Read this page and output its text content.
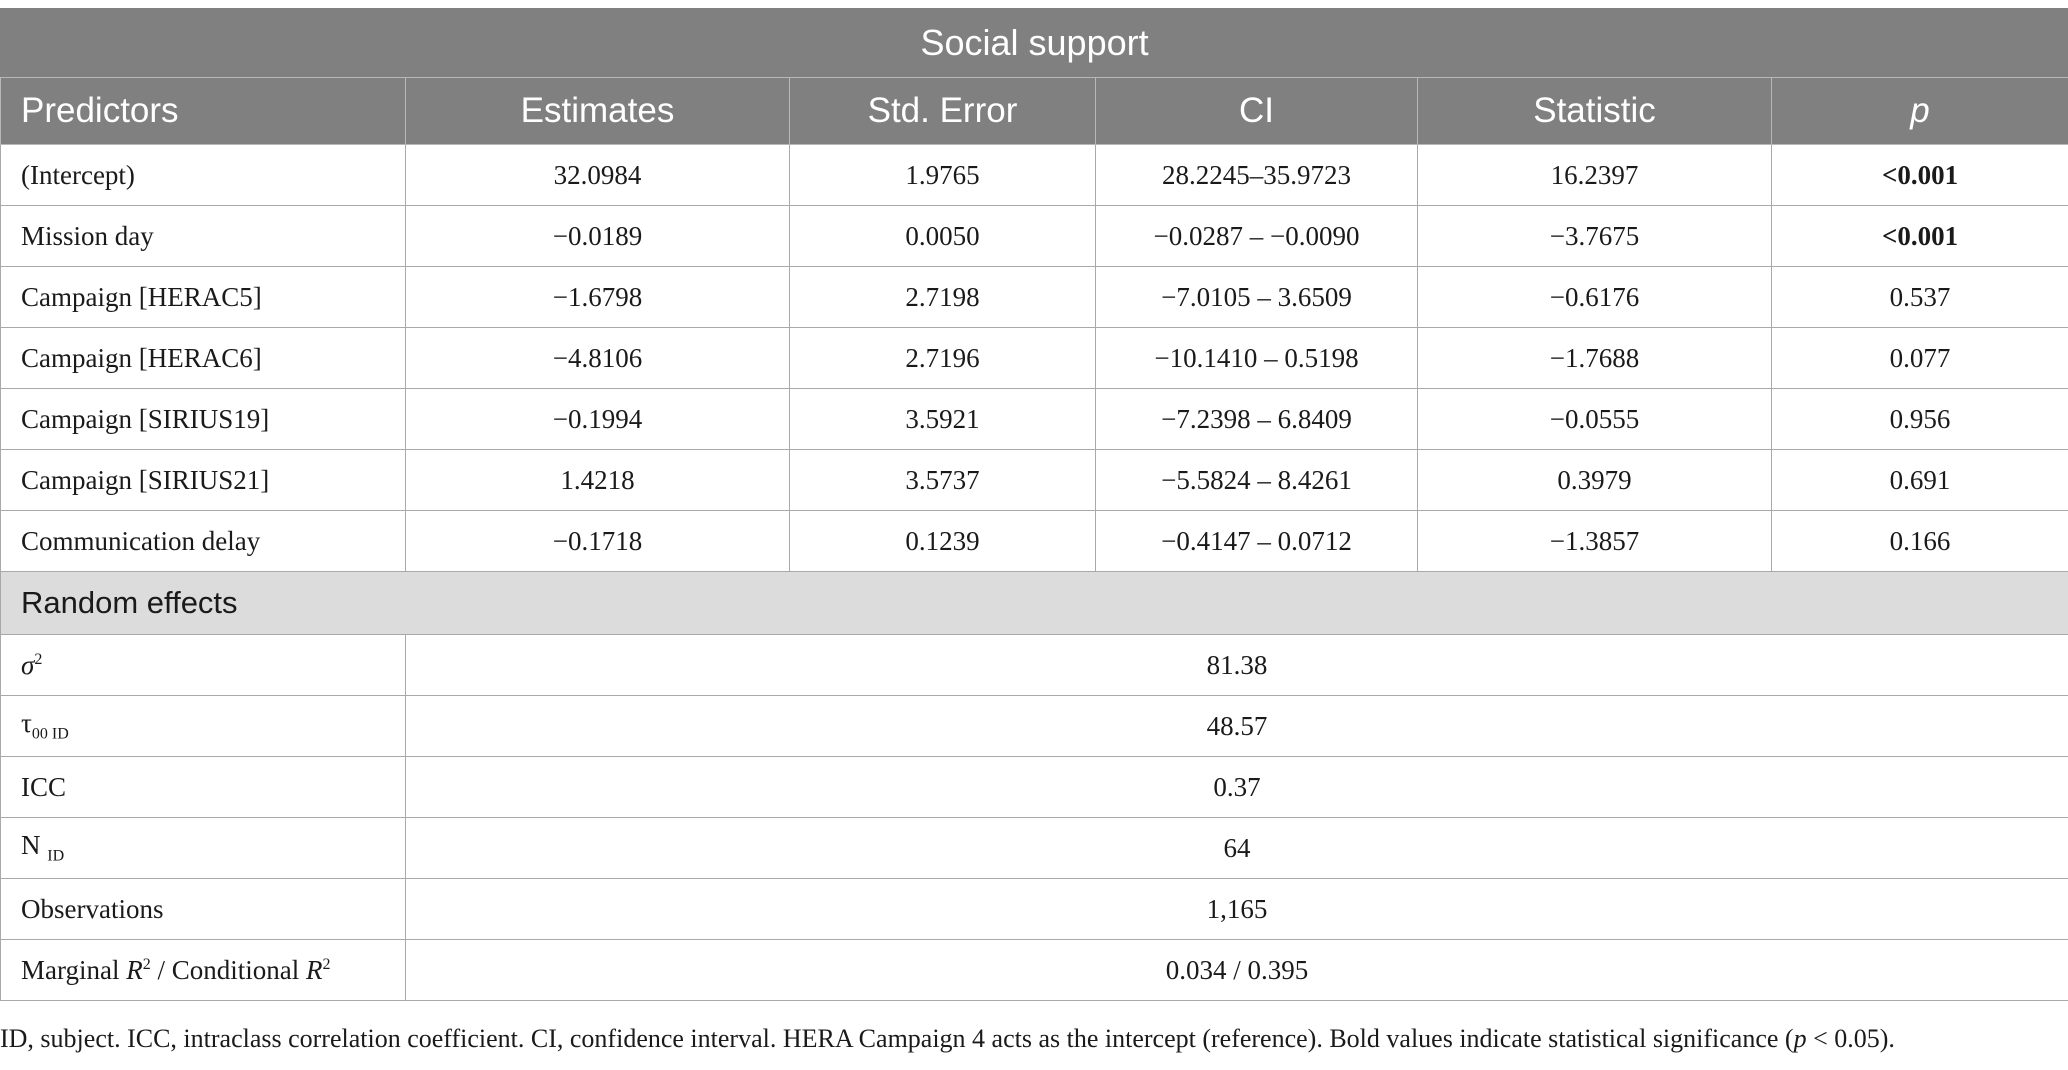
Social support					
Predictors	Estimates	Std. Error	CI	Statistic	p
(Intercept)	32.0984	1.9765	28.2245–35.9723	16.2397	<0.001
Mission day	−0.0189	0.0050	−0.0287 – −0.0090	−3.7675	<0.001
Campaign [HERAC5]	−1.6798	2.7198	−7.0105 – 3.6509	−0.6176	0.537
Campaign [HERAC6]	−4.8106	2.7196	−10.1410 – 0.5198	−1.7688	0.077
Campaign [SIRIUS19]	−0.1994	3.5921	−7.2398 – 6.8409	−0.0555	0.956
Campaign [SIRIUS21]	1.4218	3.5737	−5.5824 – 8.4261	0.3979	0.691
Communication delay	−0.1718	0.1239	−0.4147 – 0.0712	−1.3857	0.166
Random effects					
$\sigma^2$	81.38				
$\tau_{00 ID}$	48.57				
ICC	0.37				
N $_{ID}$	64				
Observations	1,165				
Marginal $R^2$ / Conditional $R^2$	0.034 / 0.395				
ID, subject. ICC, intraclass correlation coefficient. CI, confidence interval. HERA Campaign 4 acts as the intercept (reference). Bold values indicate statistical significance (p < 0.05).
